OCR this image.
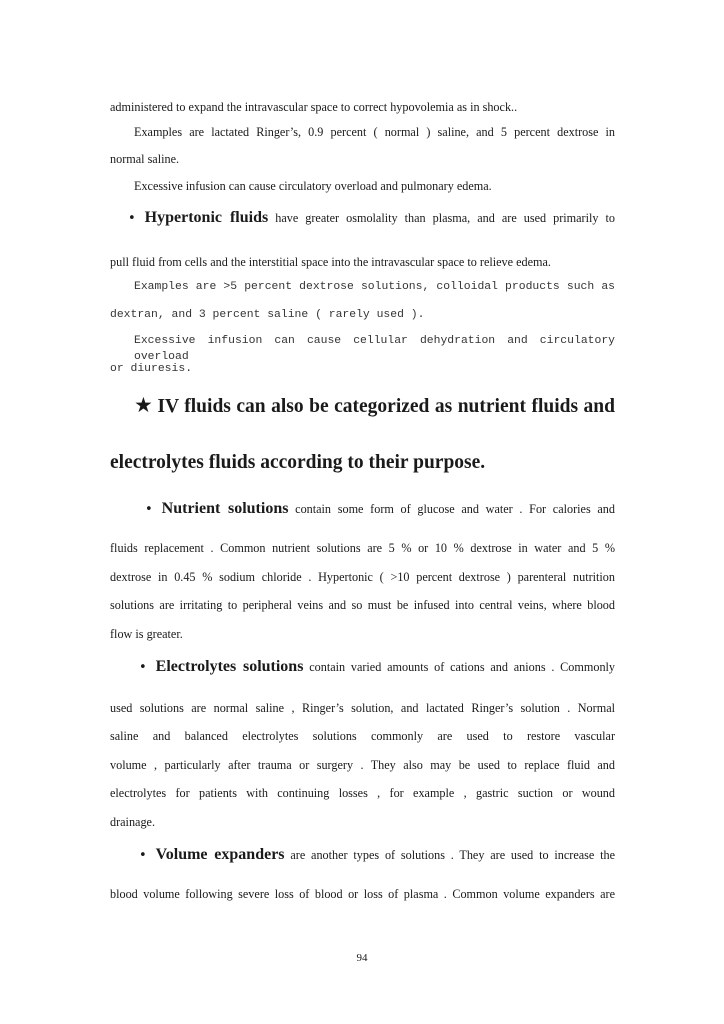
administered to expand the intravascular space to correct hypovolemia as in shock..
Examples are lactated Ringer’s, 0.9 percent ( normal ) saline, and 5 percent dextrose in
normal saline.
Excessive infusion can cause circulatory overload and pulmonary edema.
• Hypertonic fluids have greater osmolality than plasma, and are used primarily to
pull fluid from cells and the interstitial space into the intravascular space to relieve edema.
Examples are >5 percent dextrose solutions, colloidal products such as
dextran, and 3 percent saline ( rarely used ).
Excessive infusion can cause cellular dehydration and circulatory overload
or diuresis.
★ IV fluids can also be categorized as nutrient fluids and
electrolytes fluids according to their purpose.
• Nutrient solutions contain some form of glucose and water . For calories and
fluids replacement . Common nutrient solutions are 5 % or 10 % dextrose in water and 5 %
dextrose in 0.45 % sodium chloride . Hypertonic ( >10 percent dextrose ) parenteral nutrition
solutions are irritating to peripheral veins and so must be infused into central veins, where blood
flow is greater.
• Electrolytes solutions contain varied amounts of cations and anions . Commonly
used solutions are normal saline , Ringer’s solution, and lactated Ringer’s solution . Normal
saline and balanced electrolytes solutions commonly are used to restore vascular
volume , particularly after trauma or surgery . They also may be used to replace fluid and
electrolytes for patients with continuing losses , for example , gastric suction or wound
drainage.
• Volume expanders are another types of solutions . They are used to increase the
blood volume following severe loss of blood or loss of plasma . Common volume expanders are
94
